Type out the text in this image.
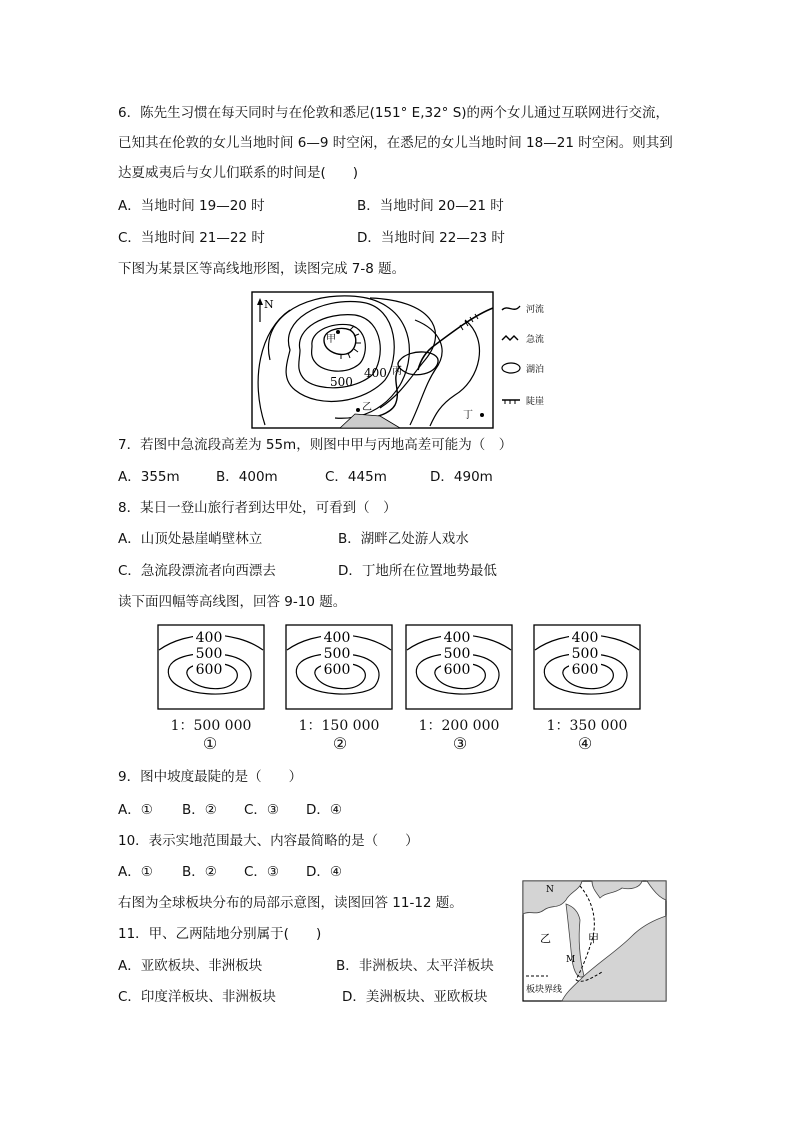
6．陈先生习惯在每天同时与在伦敦和悉尼(151° E,32° S)的两个女儿通过互联网进行交流，
已知其在伦敦的女儿当地时间 6—9 时空闲，在悉尼的女儿当地时间 18—21 时空闲。则其到
达夏威夷后与女儿们联系的时间是(　　)
A．当地时间 19—20 时	B．当地时间 20—21 时
C．当地时间 21—22 时	D．当地时间 22—23 时
下图为某景区等高线地形图，读图完成 7-8 题。
N
甲
500
400 丙
乙
丁
河流
急流
湖泊
陡崖
7．若图中急流段高差为 55m，则图中甲与丙地高差可能为（　）
A．355m	B．400m	C．445m	D．490m
8．某日一登山旅行者到达甲处，可看到（　）
A．山顶处悬崖峭壁林立	B．湖畔乙处游人戏水
C．急流段漂流者向西漂去	D．丁地所在位置地势最低
读下面四幅等高线图，回答 9-10 题。
400
500
600
400
500
600
400
500
600
400
500
600
1：500 000	1：150 000	1：200 000	1：350 000
①	②	③	④
9．图中坡度最陡的是（　　）
A．① B．② C．③ D．④
10．表示实地范围最大、内容最简略的是（　　）
A．① B．② C．③ D．④
右图为全球板块分布的局部示意图，读图回答 11-12 题。
N
乙	甲
M
板块界线
11．甲、乙两陆地分别属于(　　)
A．亚欧板块、非洲板块	B．非洲板块、太平洋板块
C．印度洋板块、非洲板块	D．美洲板块、亚欧板块
